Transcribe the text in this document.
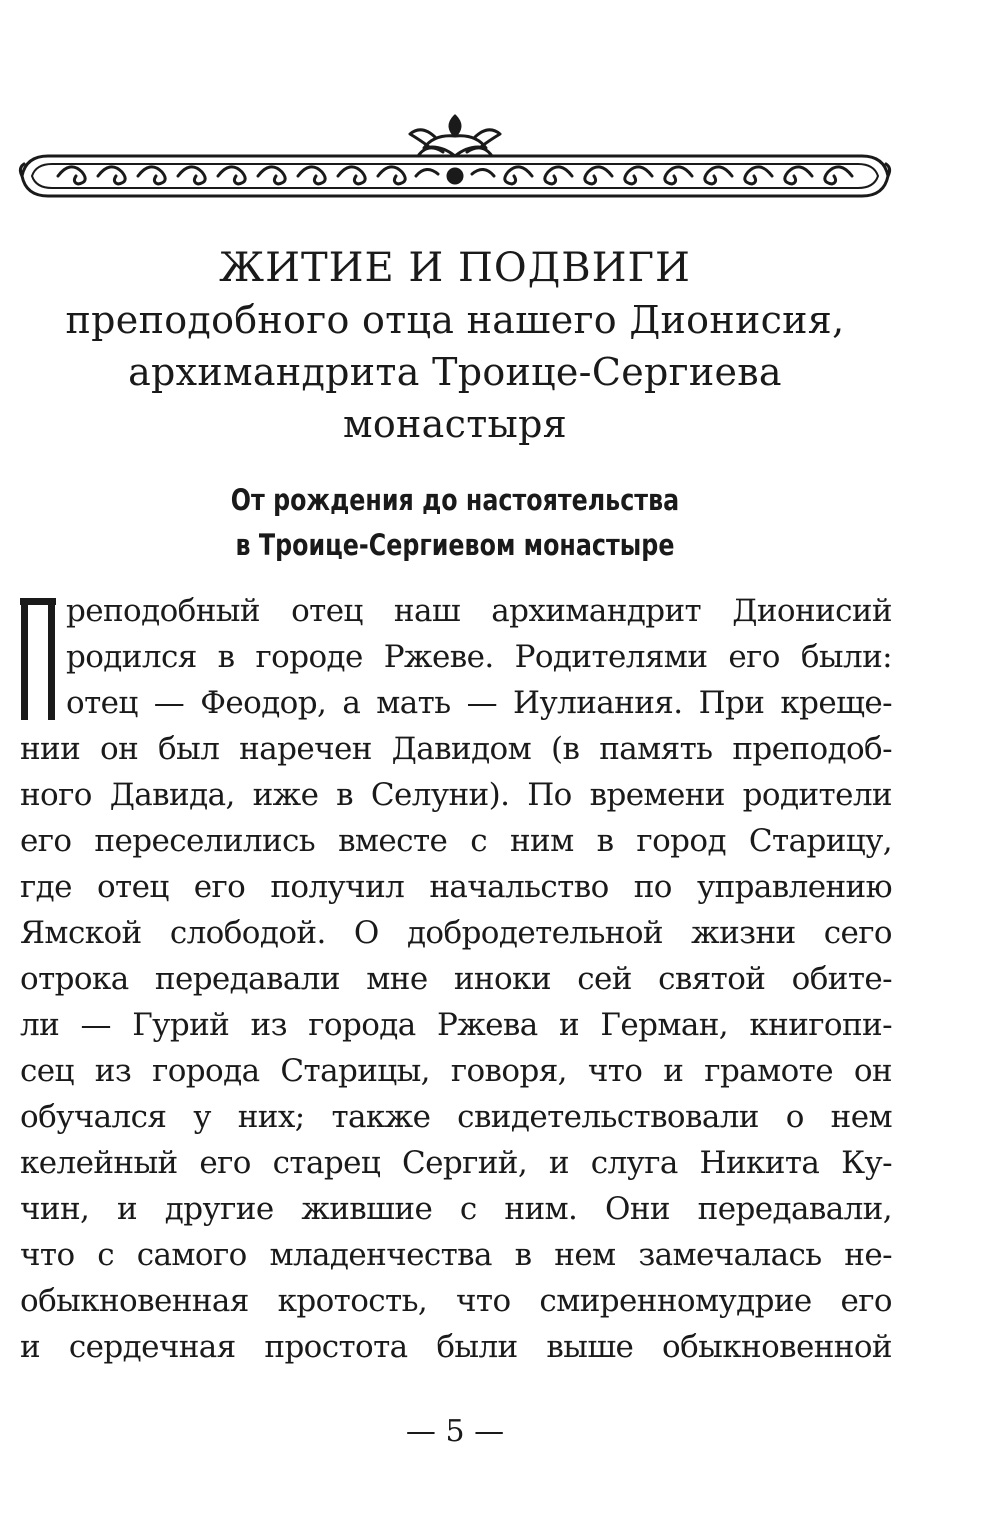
ЖИТИЕ И ПОДВИГИ
преподобного отца нашего Дионисия,
архимандрита Троице-Сергиева
монастыря
От рождения до настоятельства
в Троице-Сергиевом монастыре
реподобный отец наш архимандрит Дионисий
родился в городе Ржеве. Родителями его были:
отец — Феодор, а мать — Иулиания. При креще-
нии он был наречен Давидом (в память преподоб-
ного Давида, иже в Селуни). По времени родители
его переселились вместе с ним в город Старицу,
где отец его получил начальство по управлению
Ямской слободой. О добродетельной жизни сего
отрока передавали мне иноки сей святой обите-
ли — Гурий из города Ржева и Герман, книгопи-
сец из города Старицы, говоря, что и грамоте он
обучался у них; также свидетельствовали о нем
келейный его старец Сергий, и слуга Никита Ку-
чин, и другие жившие с ним. Они передавали,
что с самого младенчества в нем замечалась не-
обыкновенная кротость, что смиренномудрие его
и сердечная простота были выше обыкновенной

— 5 —
